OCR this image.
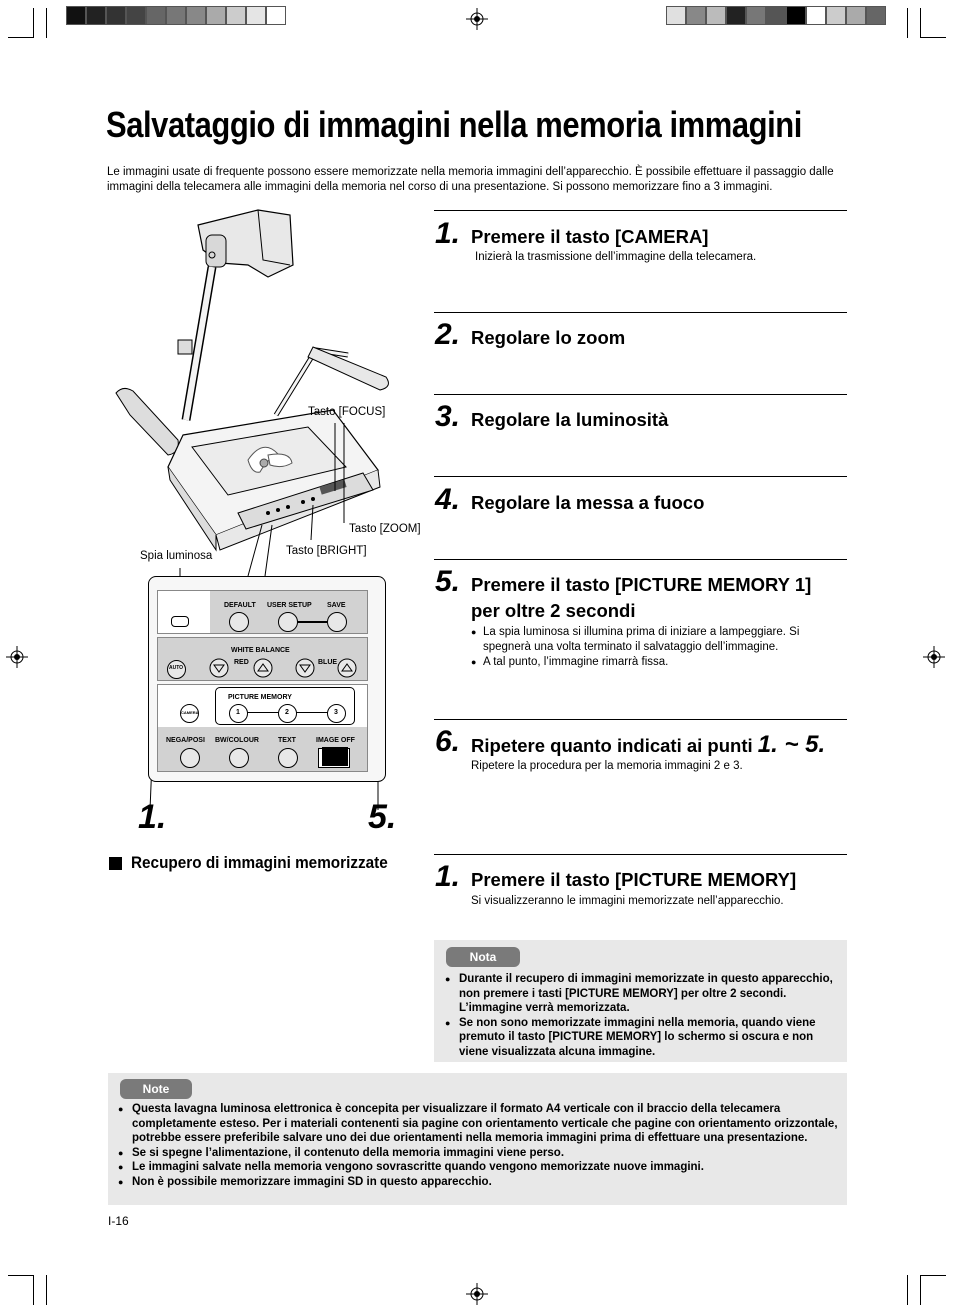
Salvataggio di immagini nella memoria immagini
Le immagini usate di frequente possono essere memorizzate nella memoria immagini dell’apparecchio. È possibile effettuare il passaggio dalle immagini della telecamera alle immagini della memoria nel corso di una presentazione. Si possono memorizzare fino a 3 immagini.
Tasto [FOCUS]
Tasto [ZOOM]
Tasto [BRIGHT]
Spia luminosa
DEFAULT USER SETUP SAVE
WHITE BALANCE
RED	BLUE
AUTO
PICTURE MEMORY
1	2	3
CAMERA
NEGA/POSI BW/COLOUR	TEXT	IMAGE OFF
1.	5.
Recupero di immagini memorizzate
1. Premere il tasto [CAMERA]
Inizierà la trasmissione dell’immagine della telecamera.
2. Regolare lo zoom
3. Regolare la luminosità
4. Regolare la messa a fuoco
5. Premere il tasto [PICTURE MEMORY 1]
per oltre 2 secondi
● La spia luminosa si illumina prima di iniziare a lampeggiare. Si spegnerà una volta terminato il salvataggio dell’immagine.
● A tal punto, l’immagine rimarrà fissa.
6. Ripetere quanto indicati ai punti 1. ~ 5.
Ripetere la procedura per la memoria immagini 2 e 3.
1. Premere il tasto [PICTURE MEMORY]
Si visualizzeranno le immagini memorizzate nell’apparecchio.
Nota
● Durante il recupero di immagini memorizzate in questo apparecchio, non premere i tasti [PICTURE MEMORY] per oltre 2 secondi. L’immagine verrà memorizzata.
● Se non sono memorizzate immagini nella memoria, quando viene premuto il tasto [PICTURE MEMORY] lo schermo si oscura e non viene visualizzata alcuna immagine.
Note
● Questa lavagna luminosa elettronica è concepita per visualizzare il formato A4 verticale con il braccio della telecamera completamente esteso. Per i materiali contenenti sia pagine con orientamento verticale che pagine con orientamento orizzontale, potrebbe essere preferibile salvare uno dei due orientamenti nella memoria immagini prima di effettuare una presentazione.
● Se si spegne l’alimentazione, il contenuto della memoria immagini viene perso.
● Le immagini salvate nella memoria vengono sovrascritte quando vengono memorizzate nuove immagini.
● Non è possibile memorizzare immagini SD in questo apparecchio.
I-16
